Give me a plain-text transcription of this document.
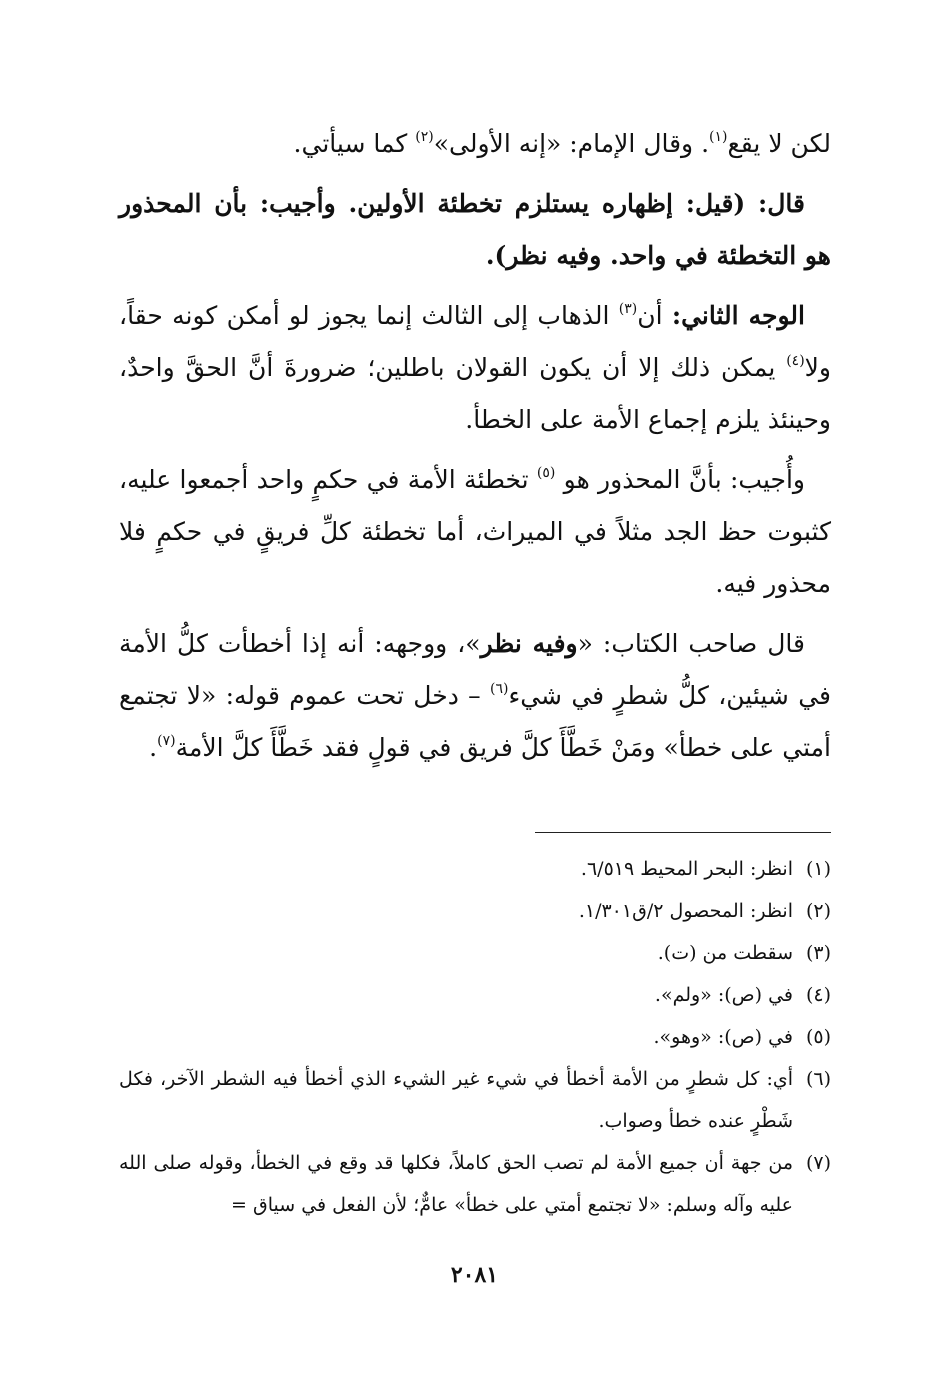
لكن لا يقع$^{(١)}$. وقال الإمام: «إنه الأولى»$^{(٢)}$ كما سيأتي.

قال: (قيل: إظهاره يستلزم تخطئة الأولين. وأجيب: بأن المحذور هو التخطئة في واحد. وفيه نظر).

الوجه الثاني: أن$^{(٣)}$ الذهاب إلى الثالث إنما يجوز لو أمكن كونه حقاً، ولا$^{(٤)}$ يمكن ذلك إلا أن يكون القولان باطلين؛ ضرورةَ أنَّ الحقَّ واحدٌ، وحينئذ يلزم إجماع الأمة على الخطأ.

وأُجيب: بأنَّ المحذور هو $^{(٥)}$ تخطئة الأمة في حكمٍ واحد أجمعوا عليه، كثبوت حظ الجد مثلاً في الميراث، أما تخطئة كلِّ فريقٍ في حكمٍ فلا محذور فيه.

قال صاحب الكتاب: «وفيه نظر»، ووجهه: أنه إذا أخطأت كلُّ الأمة في شيئين، كلُّ شطرٍ في شيء$^{(٦)}$ – دخل تحت عموم قوله: «لا تجتمع أمتي على خطأ» ومَنْ خَطَّأَ كلَّ فريق في قولٍ فقد خَطَّأَ كلَّ الأمة$^{(٧)}$.

(١)
انظر: البحر المحيط ٦/٥١٩.
(٢)
انظر: المحصول ٢/ق١/٣٠١.
(٣)
سقطت من (ت).
(٤)
في (ص): «ولم».
(٥)
في (ص): «وهو».
(٦)
أي: كل شطرٍ من الأمة أخطأ في شيء غير الشيء الذي أخطأ فيه الشطر الآخر، فكل شَطْرٍ عنده خطأ وصواب.
(٧)
من جهة أن جميع الأمة لم تصب الحق كاملاً، فكلها قد وقع في الخطأ، وقوله صلى الله عليه وآله وسلم: «لا تجتمع أمتي على خطأ» عامٌّ؛ لأن الفعل في سياق =
٢٠٨١
